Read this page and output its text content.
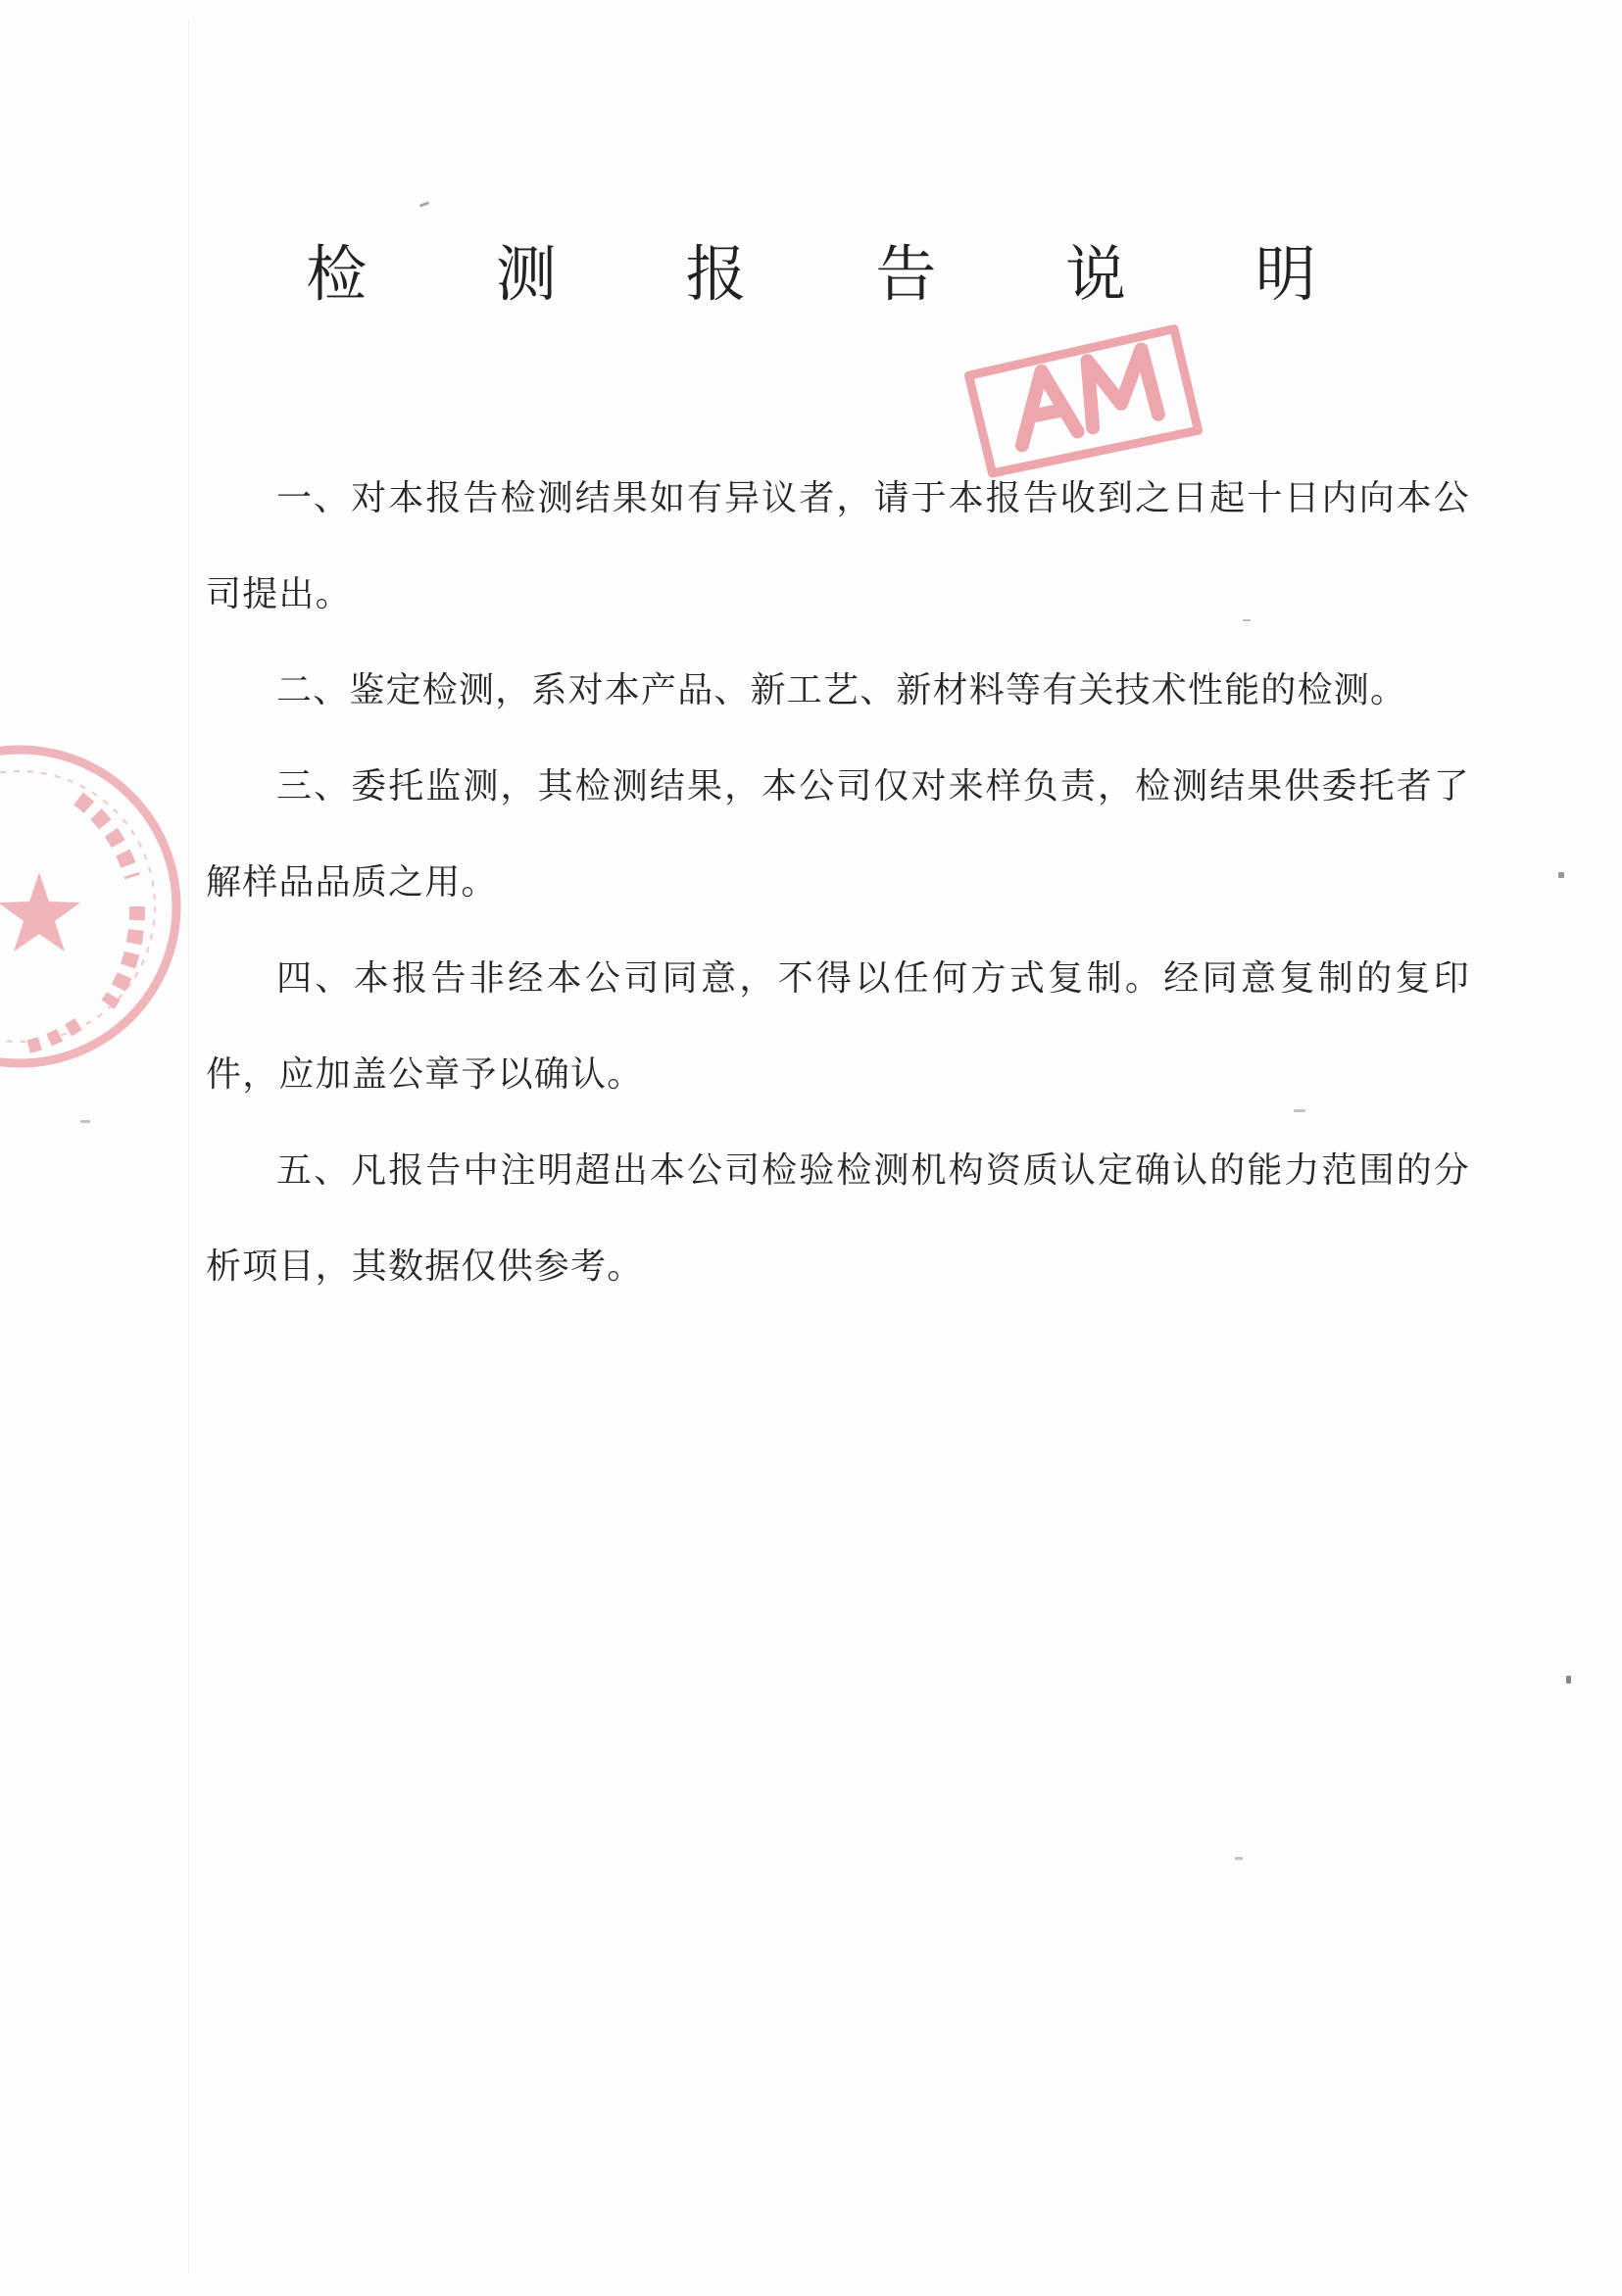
检 测 报 告 说 明

一、对本报告检测结果如有异议者，请于本报告收到之日起十日内向本公司提出。

二、鉴定检测，系对本产品、新工艺、新材料等有关技术性能的检测。

三、委托监测，其检测结果，本公司仅对来样负责，检测结果供委托者了解样品品质之用。

四、本报告非经本公司同意，不得以任何方式复制。经同意复制的复印件，应加盖公章予以确认。

五、凡报告中注明超出本公司检验检测机构资质认定确认的能力范围的分析项目，其数据仅供参考。
